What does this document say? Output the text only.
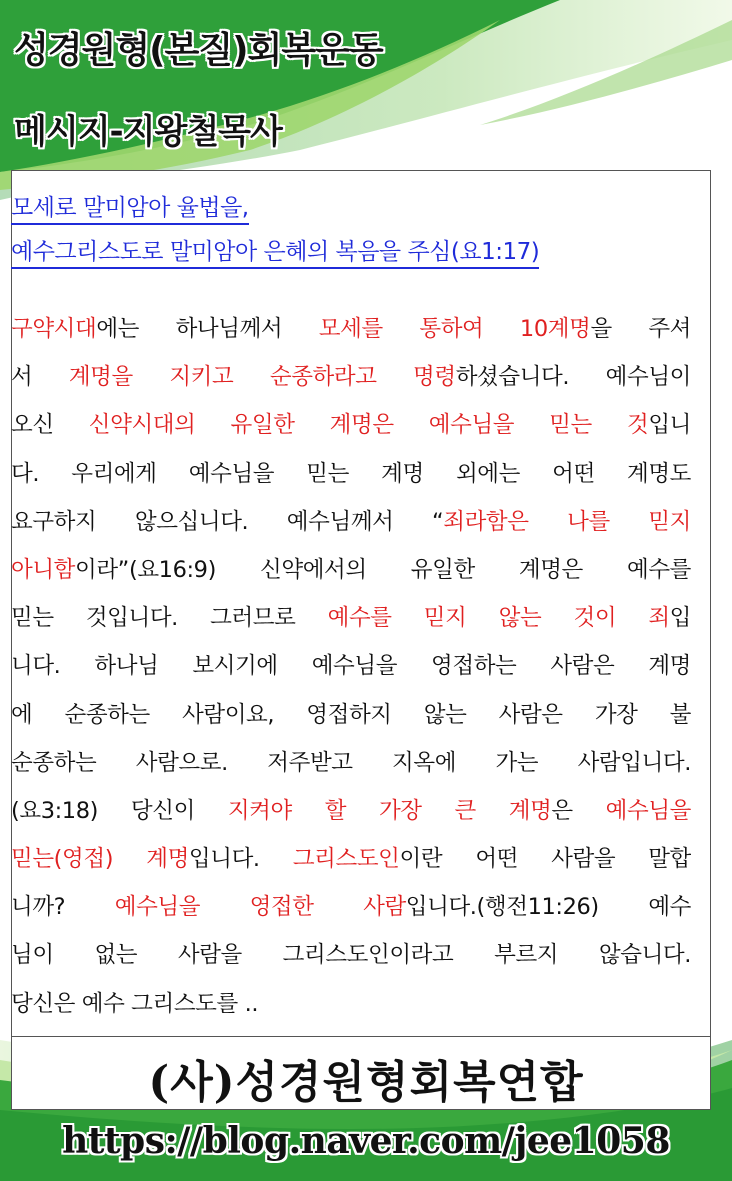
성경원형(본질)회복운동
메시지-지왕철목사
모세로 말미암아 율법을,
예수그리스도로 말미암아 은혜의 복음을 주심(요1:17)
구약시대에는 하나님께서 모세를 통하여 10계명을 주셔
서 계명을 지키고 순종하라고 명령하셨습니다. 예수님이
오신 신약시대의 유일한 계명은 예수님을 믿는 것입니
다. 우리에게 예수님을 믿는 계명 외에는 어떤 계명도
요구하지 않으십니다. 예수님께서 “죄라함은 나를 믿지
아니함이라”(요16:9) 신약에서의 유일한 계명은 예수를
믿는 것입니다. 그러므로 예수를 믿지 않는 것이 죄입
니다. 하나님 보시기에 예수님을 영접하는 사람은 계명
에 순종하는 사람이요, 영접하지 않는 사람은 가장 불
순종하는 사람으로. 저주받고 지옥에 가는 사람입니다.
(요3:18) 당신이 지켜야 할 가장 큰 계명은 예수님을
믿는(영접) 계명입니다. 그리스도인이란 어떤 사람을 말합
니까? 예수님을 영접한 사람입니다.(행전11:26) 예수
님이 없는 사람을 그리스도인이라고 부르지 않습니다.
당신은 예수 그리스도를 ..
(사)성경원형회복연합
https://blog.naver.com/jee1058
